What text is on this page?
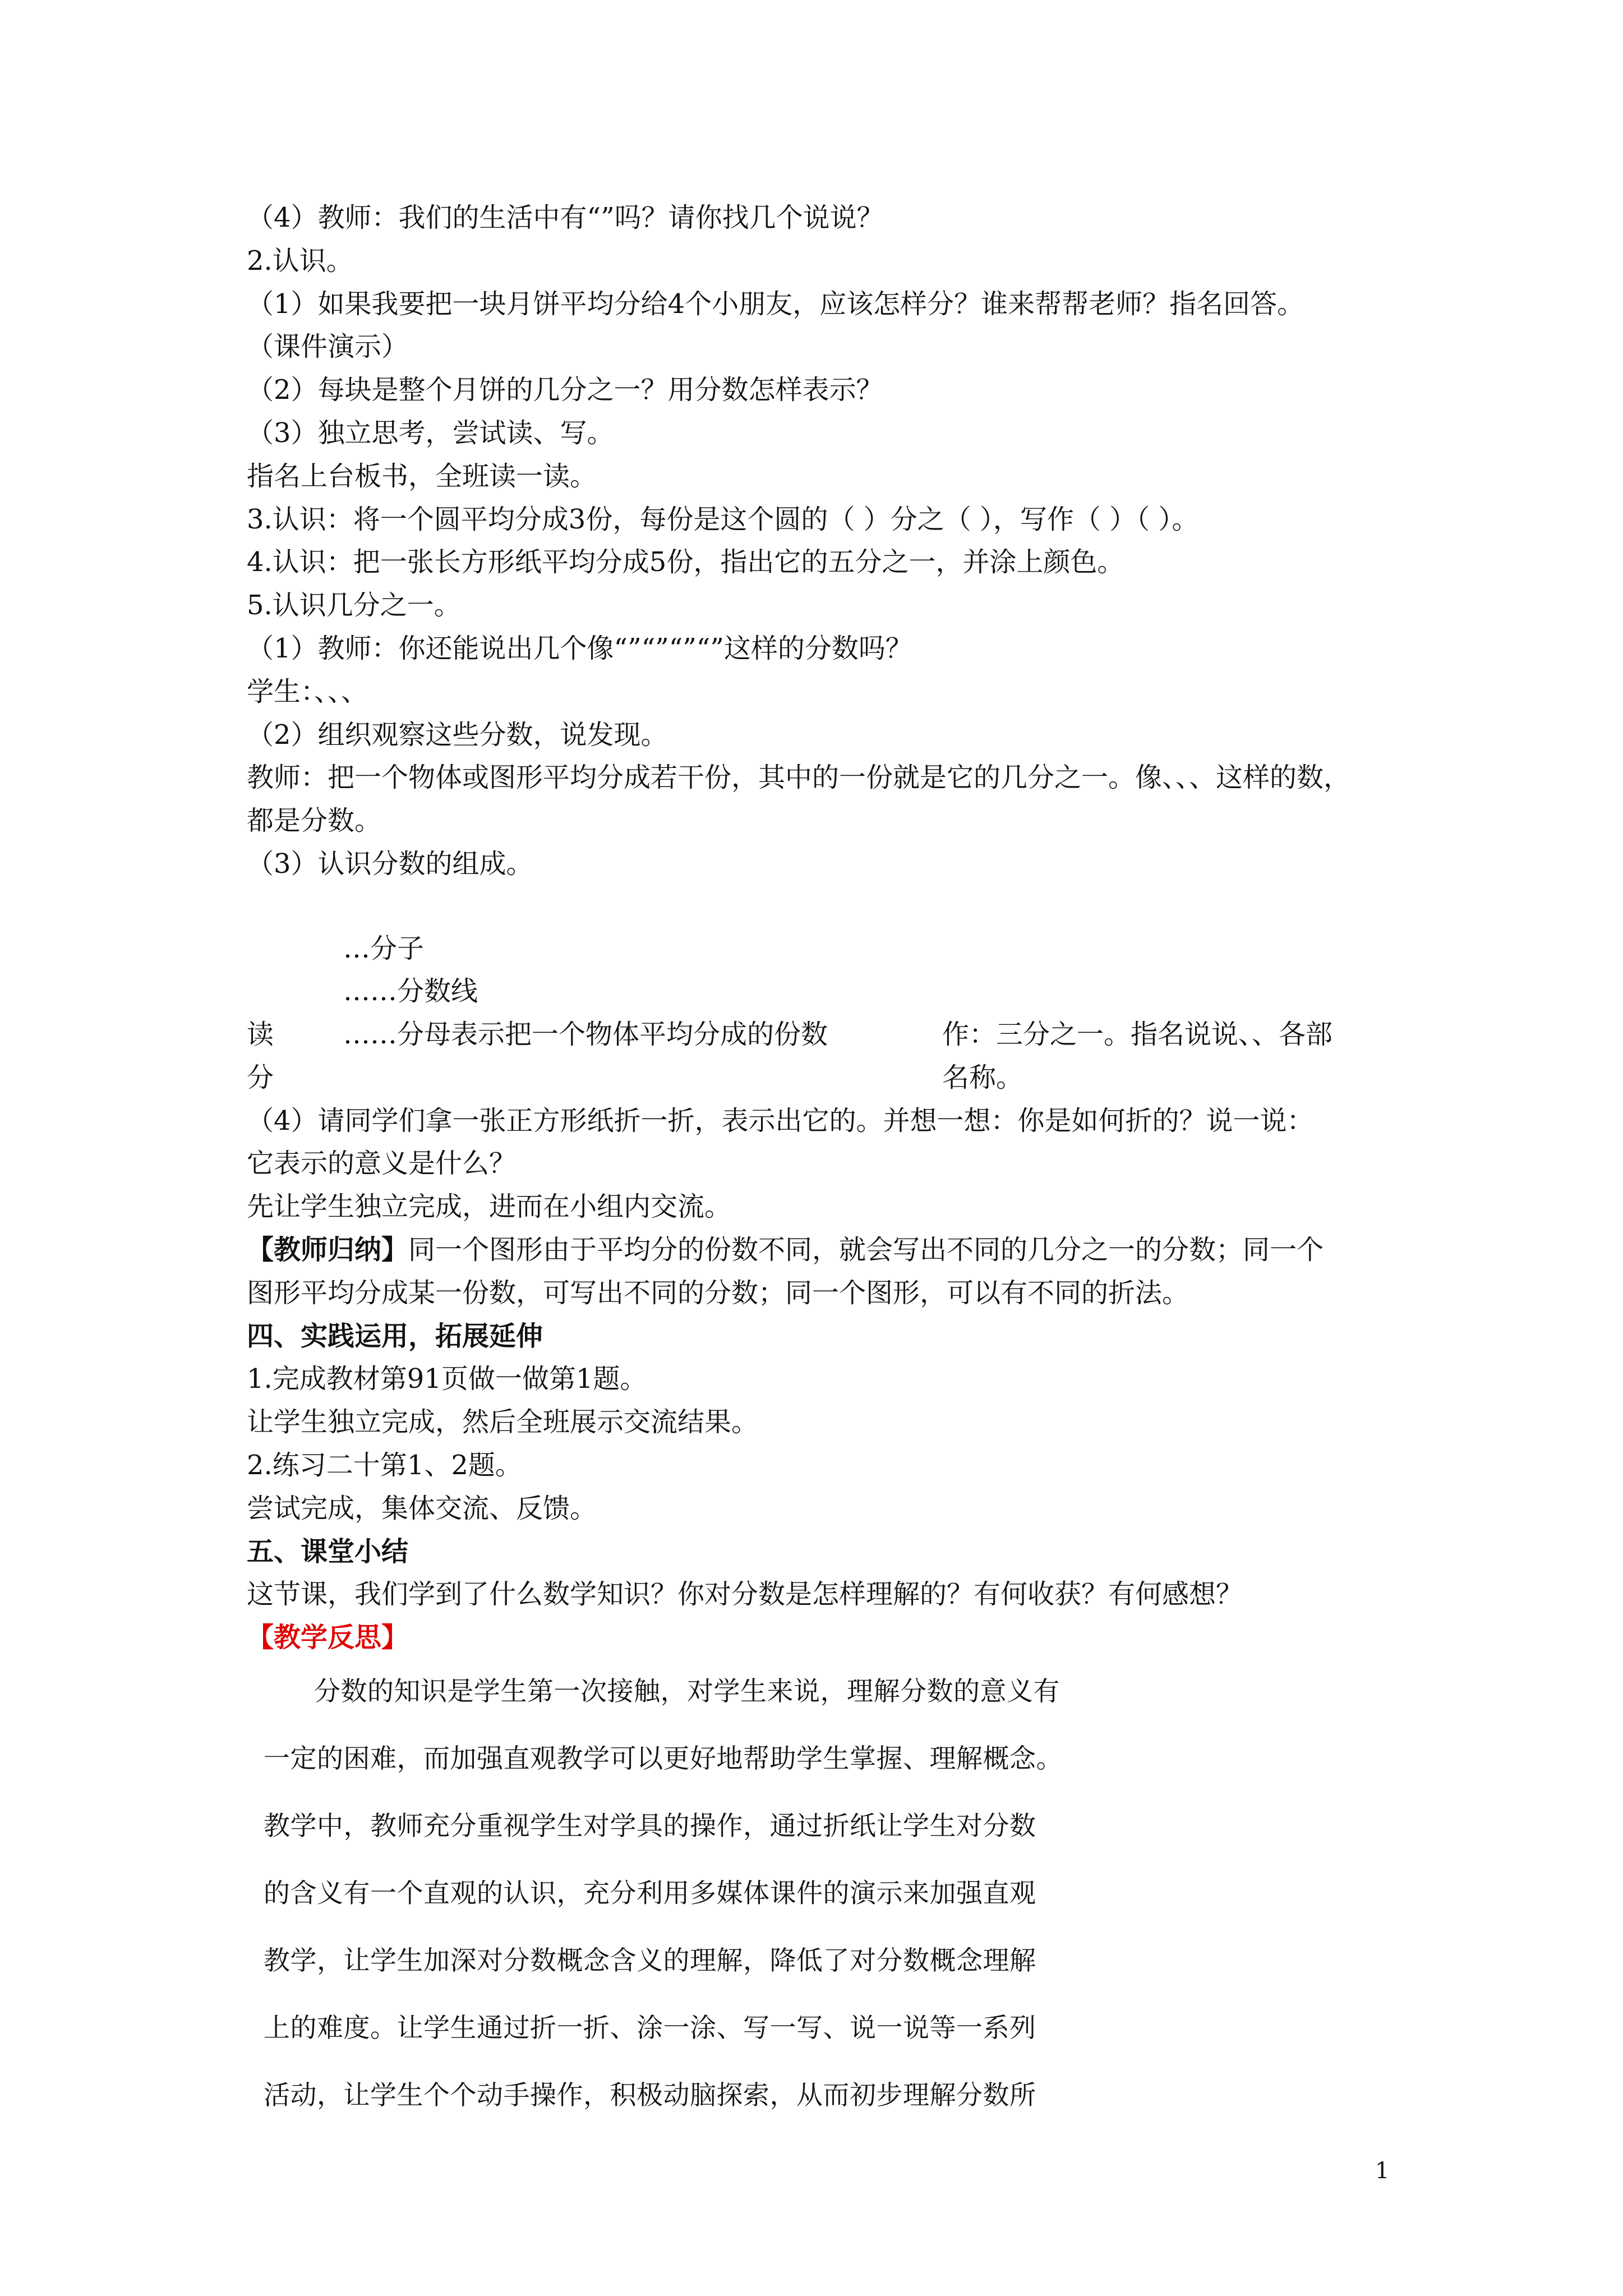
（4）教师：我们的生活中有“”吗？请你找几个说说？

2.认识。

（1）如果我要把一块月饼平均分给4个小朋友，应该怎样分？谁来帮帮老师？指名回答。

（课件演示）

（2）每块是整个月饼的几分之一？用分数怎样表示？

（3）独立思考，尝试读、写。

指名上台板书，全班读一读。

3.认识：将一个圆平均分成3份，每份是这个圆的（ ）分之（ ），写作（ ）（ ）。

4.认识：把一张长方形纸平均分成5份，指出它的五分之一，并涂上颜色。

5.认识几分之一。

（1）教师：你还能说出几个像“”“”“”“”这样的分数吗？

学生：、、、

（2）组织观察这些分数，说发现。

教师：把一个物体或图形平均分成若干份，其中的一份就是它的几分之一。像、、、这样的数，

都是分数。

（3）认识分数的组成。

…分子

……分数线

……分母表示把一个物体平均分成的份数

读

分

作：三分之一。指名说说、、各部

名称。

（4）请同学们拿一张正方形纸折一折，表示出它的。并想一想：你是如何折的？说一说：

它表示的意义是什么？

先让学生独立完成，进而在小组内交流。

【教师归纳】同一个图形由于平均分的份数不同，就会写出不同的几分之一的分数；同一个

图形平均分成某一份数，可写出不同的分数；同一个图形，可以有不同的折法。

四、实践运用，拓展延伸

1.完成教材第91页做一做第1题。

让学生独立完成，然后全班展示交流结果。

2.练习二十第1、2题。

尝试完成，集体交流、反馈。

五、课堂小结

这节课，我们学到了什么数学知识？你对分数是怎样理解的？有何收获？有何感想？

【教学反思】

分数的知识是学生第一次接触，对学生来说，理解分数的意义有

一定的困难，而加强直观教学可以更好地帮助学生掌握、理解概念。

教学中，教师充分重视学生对学具的操作，通过折纸让学生对分数

的含义有一个直观的认识，充分利用多媒体课件的演示来加强直观

教学，让学生加深对分数概念含义的理解，降低了对分数概念理解

上的难度。让学生通过折一折、涂一涂、写一写、说一说等一系列

活动，让学生个个动手操作，积极动脑探索，从而初步理解分数所

1
